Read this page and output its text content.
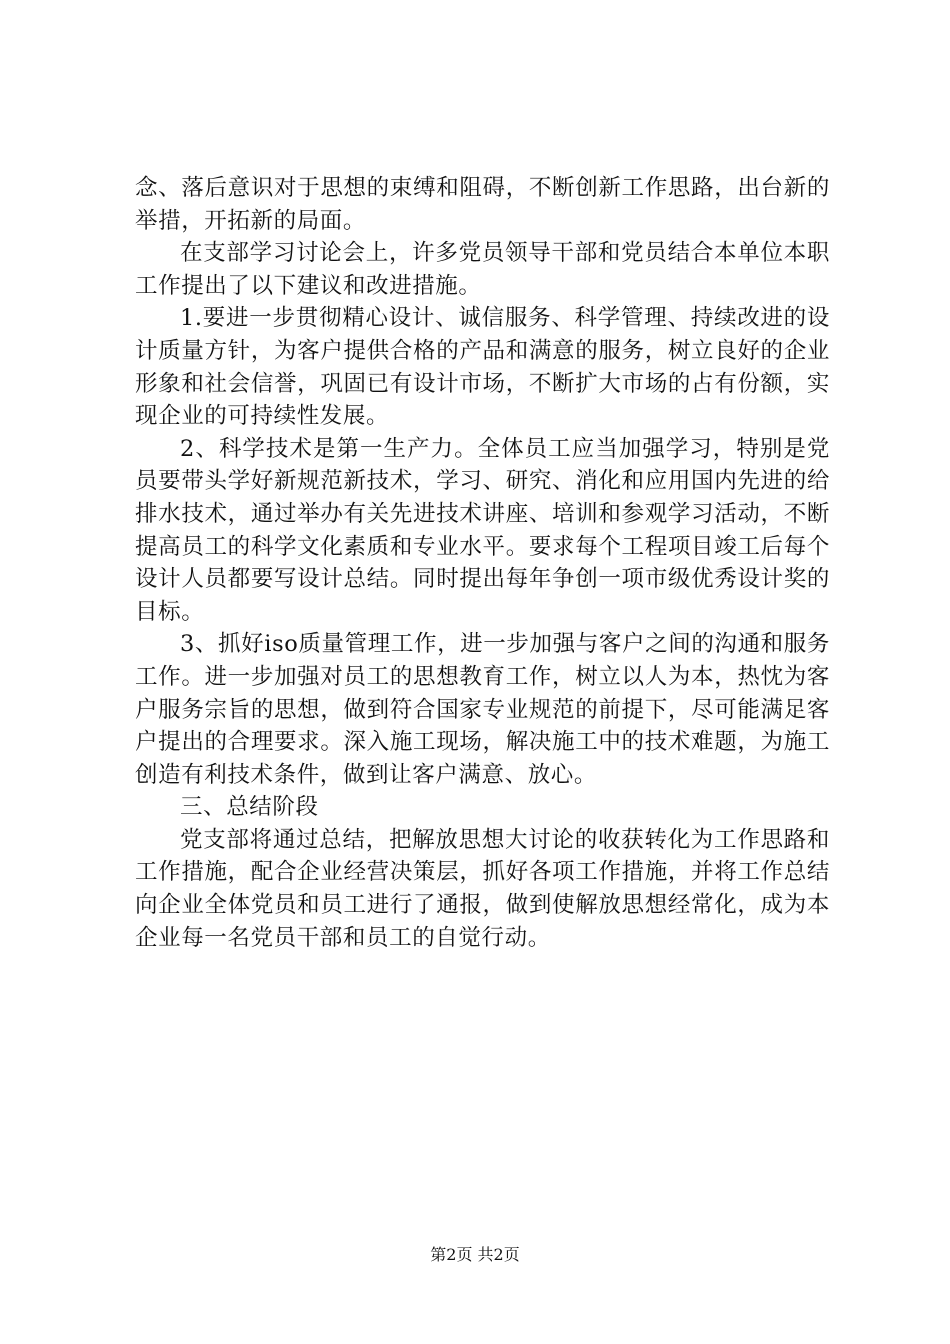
念、落后意识对于思想的束缚和阻碍，不断创新工作思路，出台新的举措，开拓新的局面。

在支部学习讨论会上，许多党员领导干部和党员结合本单位本职工作提出了以下建议和改进措施。

1.要进一步贯彻精心设计、诚信服务、科学管理、持续改进的设计质量方针，为客户提供合格的产品和满意的服务，树立良好的企业形象和社会信誉，巩固已有设计市场，不断扩大市场的占有份额，实现企业的可持续性发展。

2、科学技术是第一生产力。全体员工应当加强学习，特别是党员要带头学好新规范新技术，学习、研究、消化和应用国内先进的给排水技术，通过举办有关先进技术讲座、培训和参观学习活动，不断提高员工的科学文化素质和专业水平。要求每个工程项目竣工后每个设计人员都要写设计总结。同时提出每年争创一项市级优秀设计奖的目标。

3、抓好iso质量管理工作，进一步加强与客户之间的沟通和服务工作。进一步加强对员工的思想教育工作，树立以人为本，热忱为客户服务宗旨的思想，做到符合国家专业规范的前提下，尽可能满足客户提出的合理要求。深入施工现场，解决施工中的技术难题，为施工创造有利技术条件，做到让客户满意、放心。

三、总结阶段

党支部将通过总结，把解放思想大讨论的收获转化为工作思路和工作措施，配合企业经营决策层，抓好各项工作措施，并将工作总结向企业全体党员和员工进行了通报，做到使解放思想经常化，成为本企业每一名党员干部和员工的自觉行动。

第2页 共2页
